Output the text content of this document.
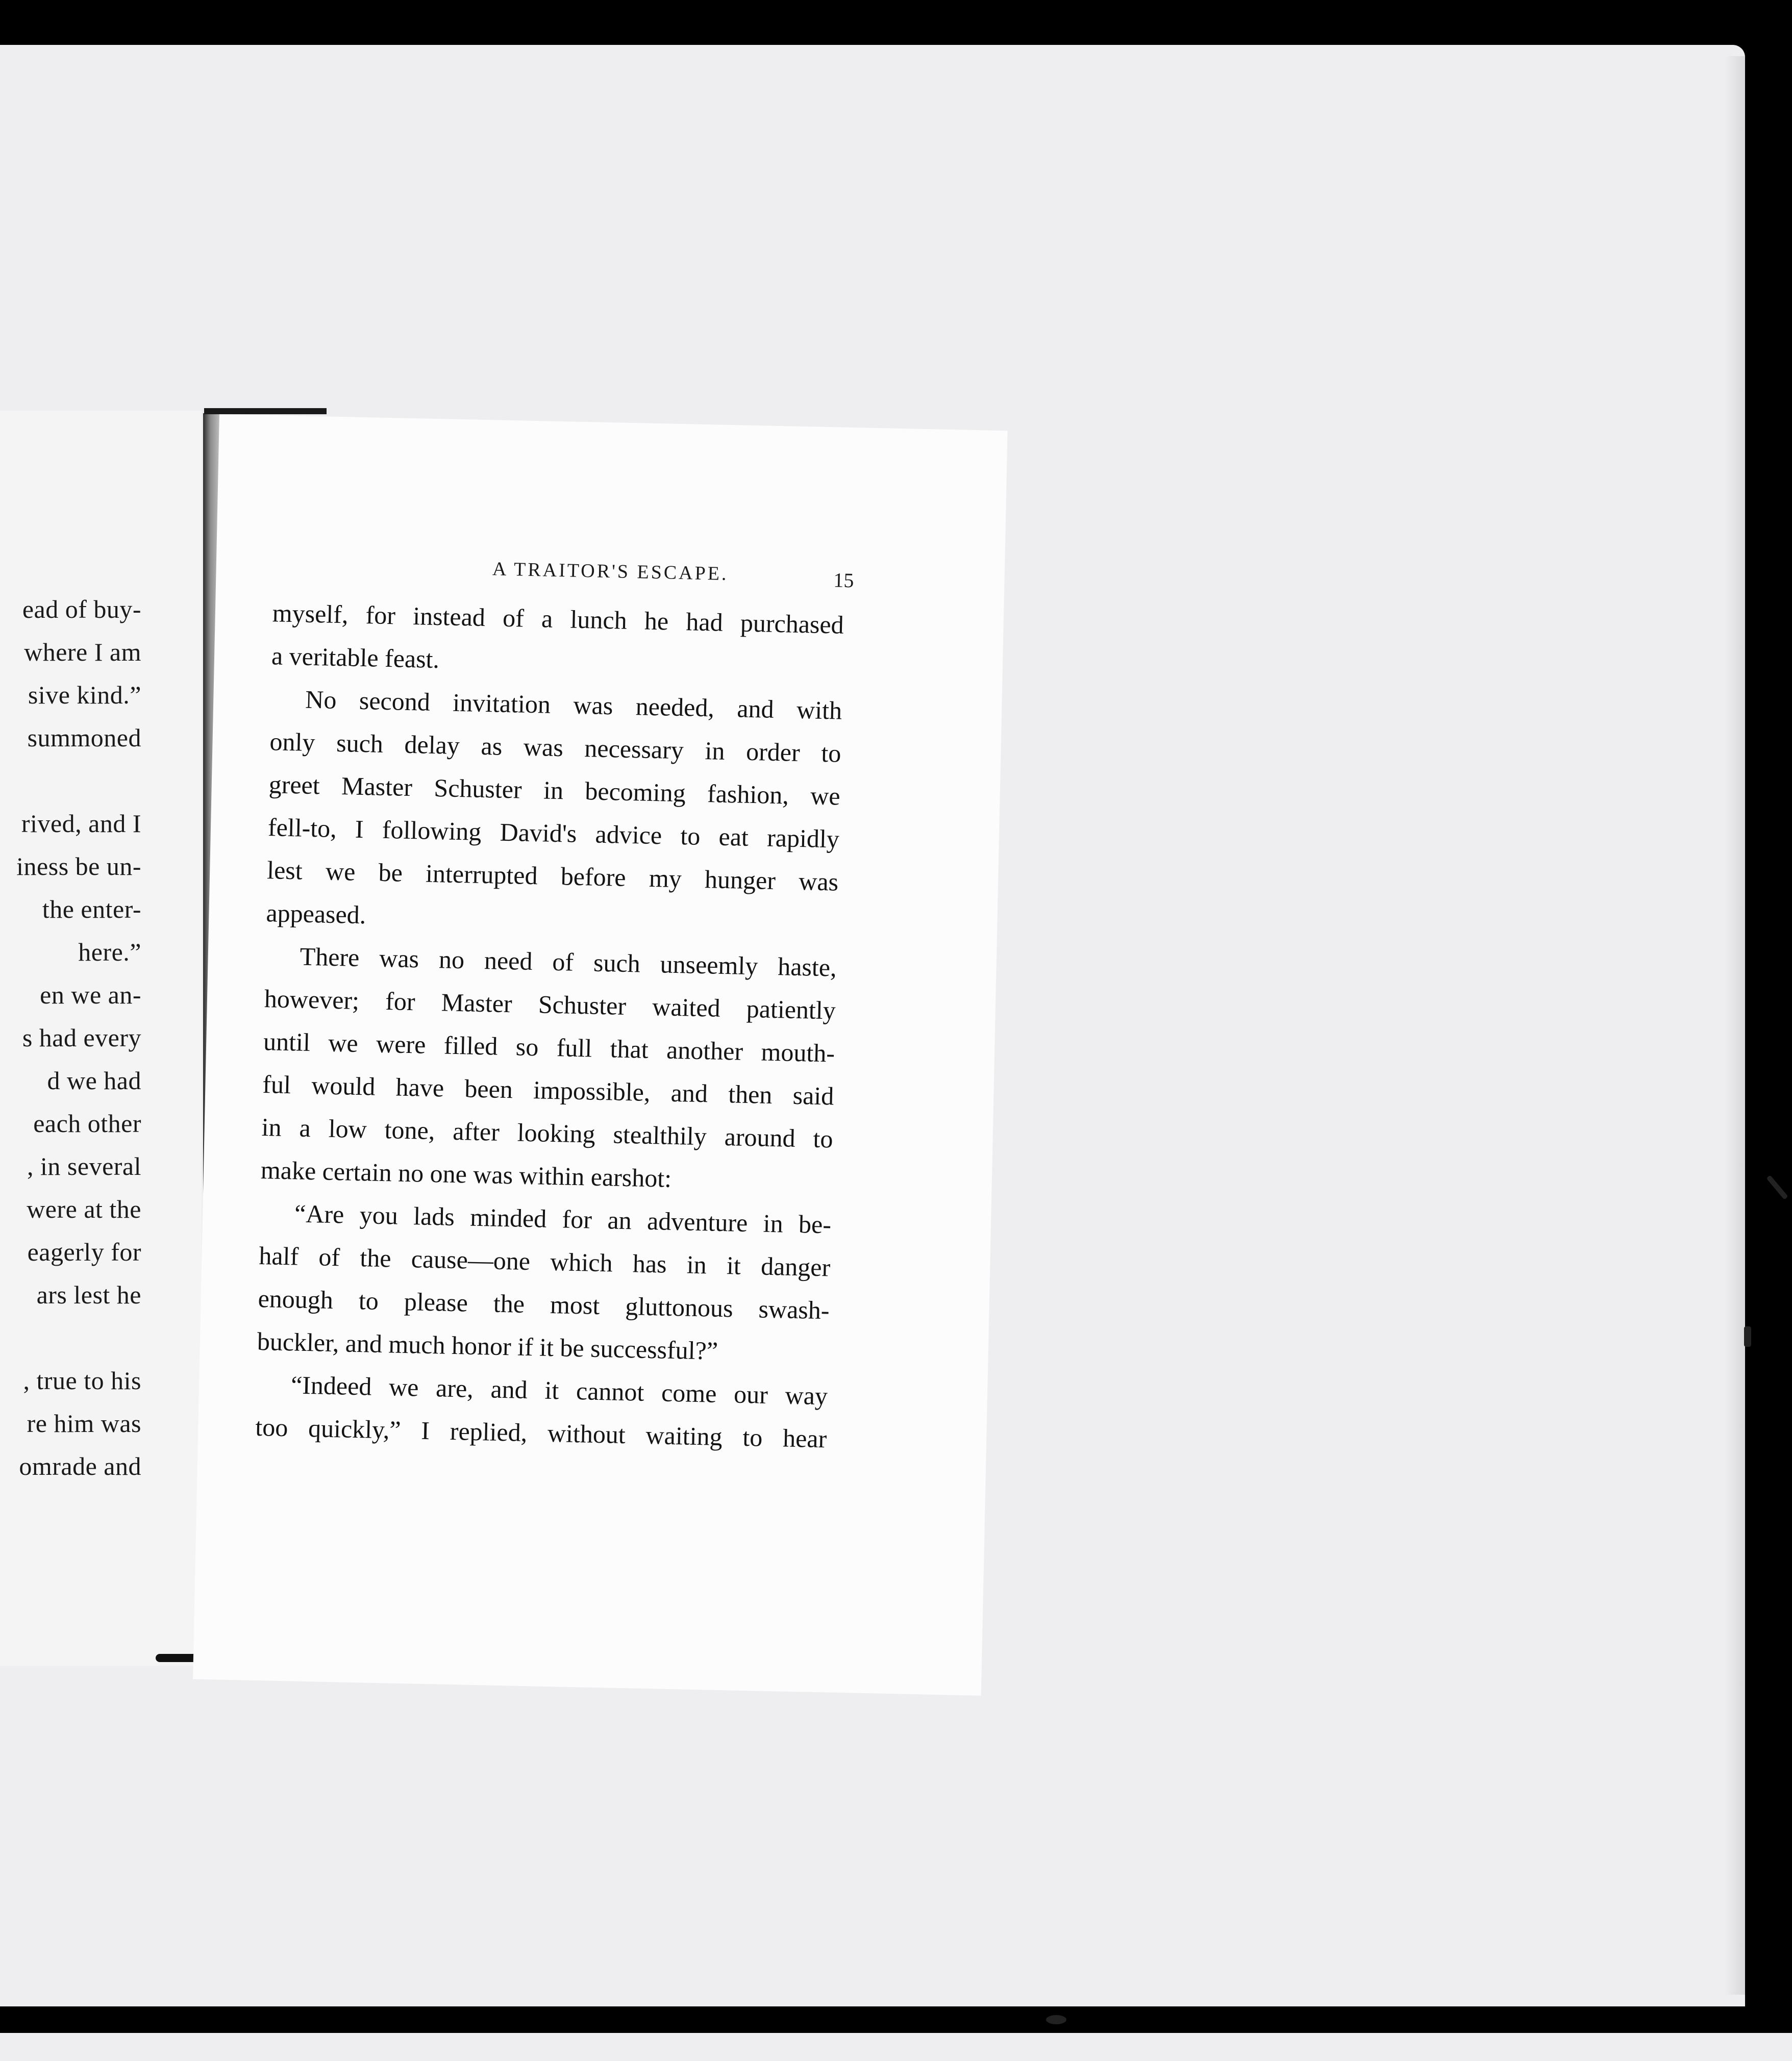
ead of buy-
where I am
sive kind.”
summoned
rived, and I
iness be un-
the enter-
here.”
en we an-
s had every
d we had
each other
, in several
were at the
eagerly for
ars lest he
, true to his
re him was
omrade and
A TRAITOR'S ESCAPE.	15
myself, for instead of a lunch he had purchased
a veritable feast.
No second invitation was needed, and with
only such delay as was necessary in order to
greet Master Schuster in becoming fashion, we
fell-to, I following David's advice to eat rapidly
lest we be interrupted before my hunger was
appeased.
There was no need of such unseemly haste,
however; for Master Schuster waited patiently
until we were filled so full that another mouth-
ful would have been impossible, and then said
in a low tone, after looking stealthily around to
make certain no one was within earshot:
“Are you lads minded for an adventure in be-
half of the cause—one which has in it danger
enough to please the most gluttonous swash-
buckler, and much honor if it be successful?”
“Indeed we are, and it cannot come our way
too quickly,” I replied, without waiting to hear
